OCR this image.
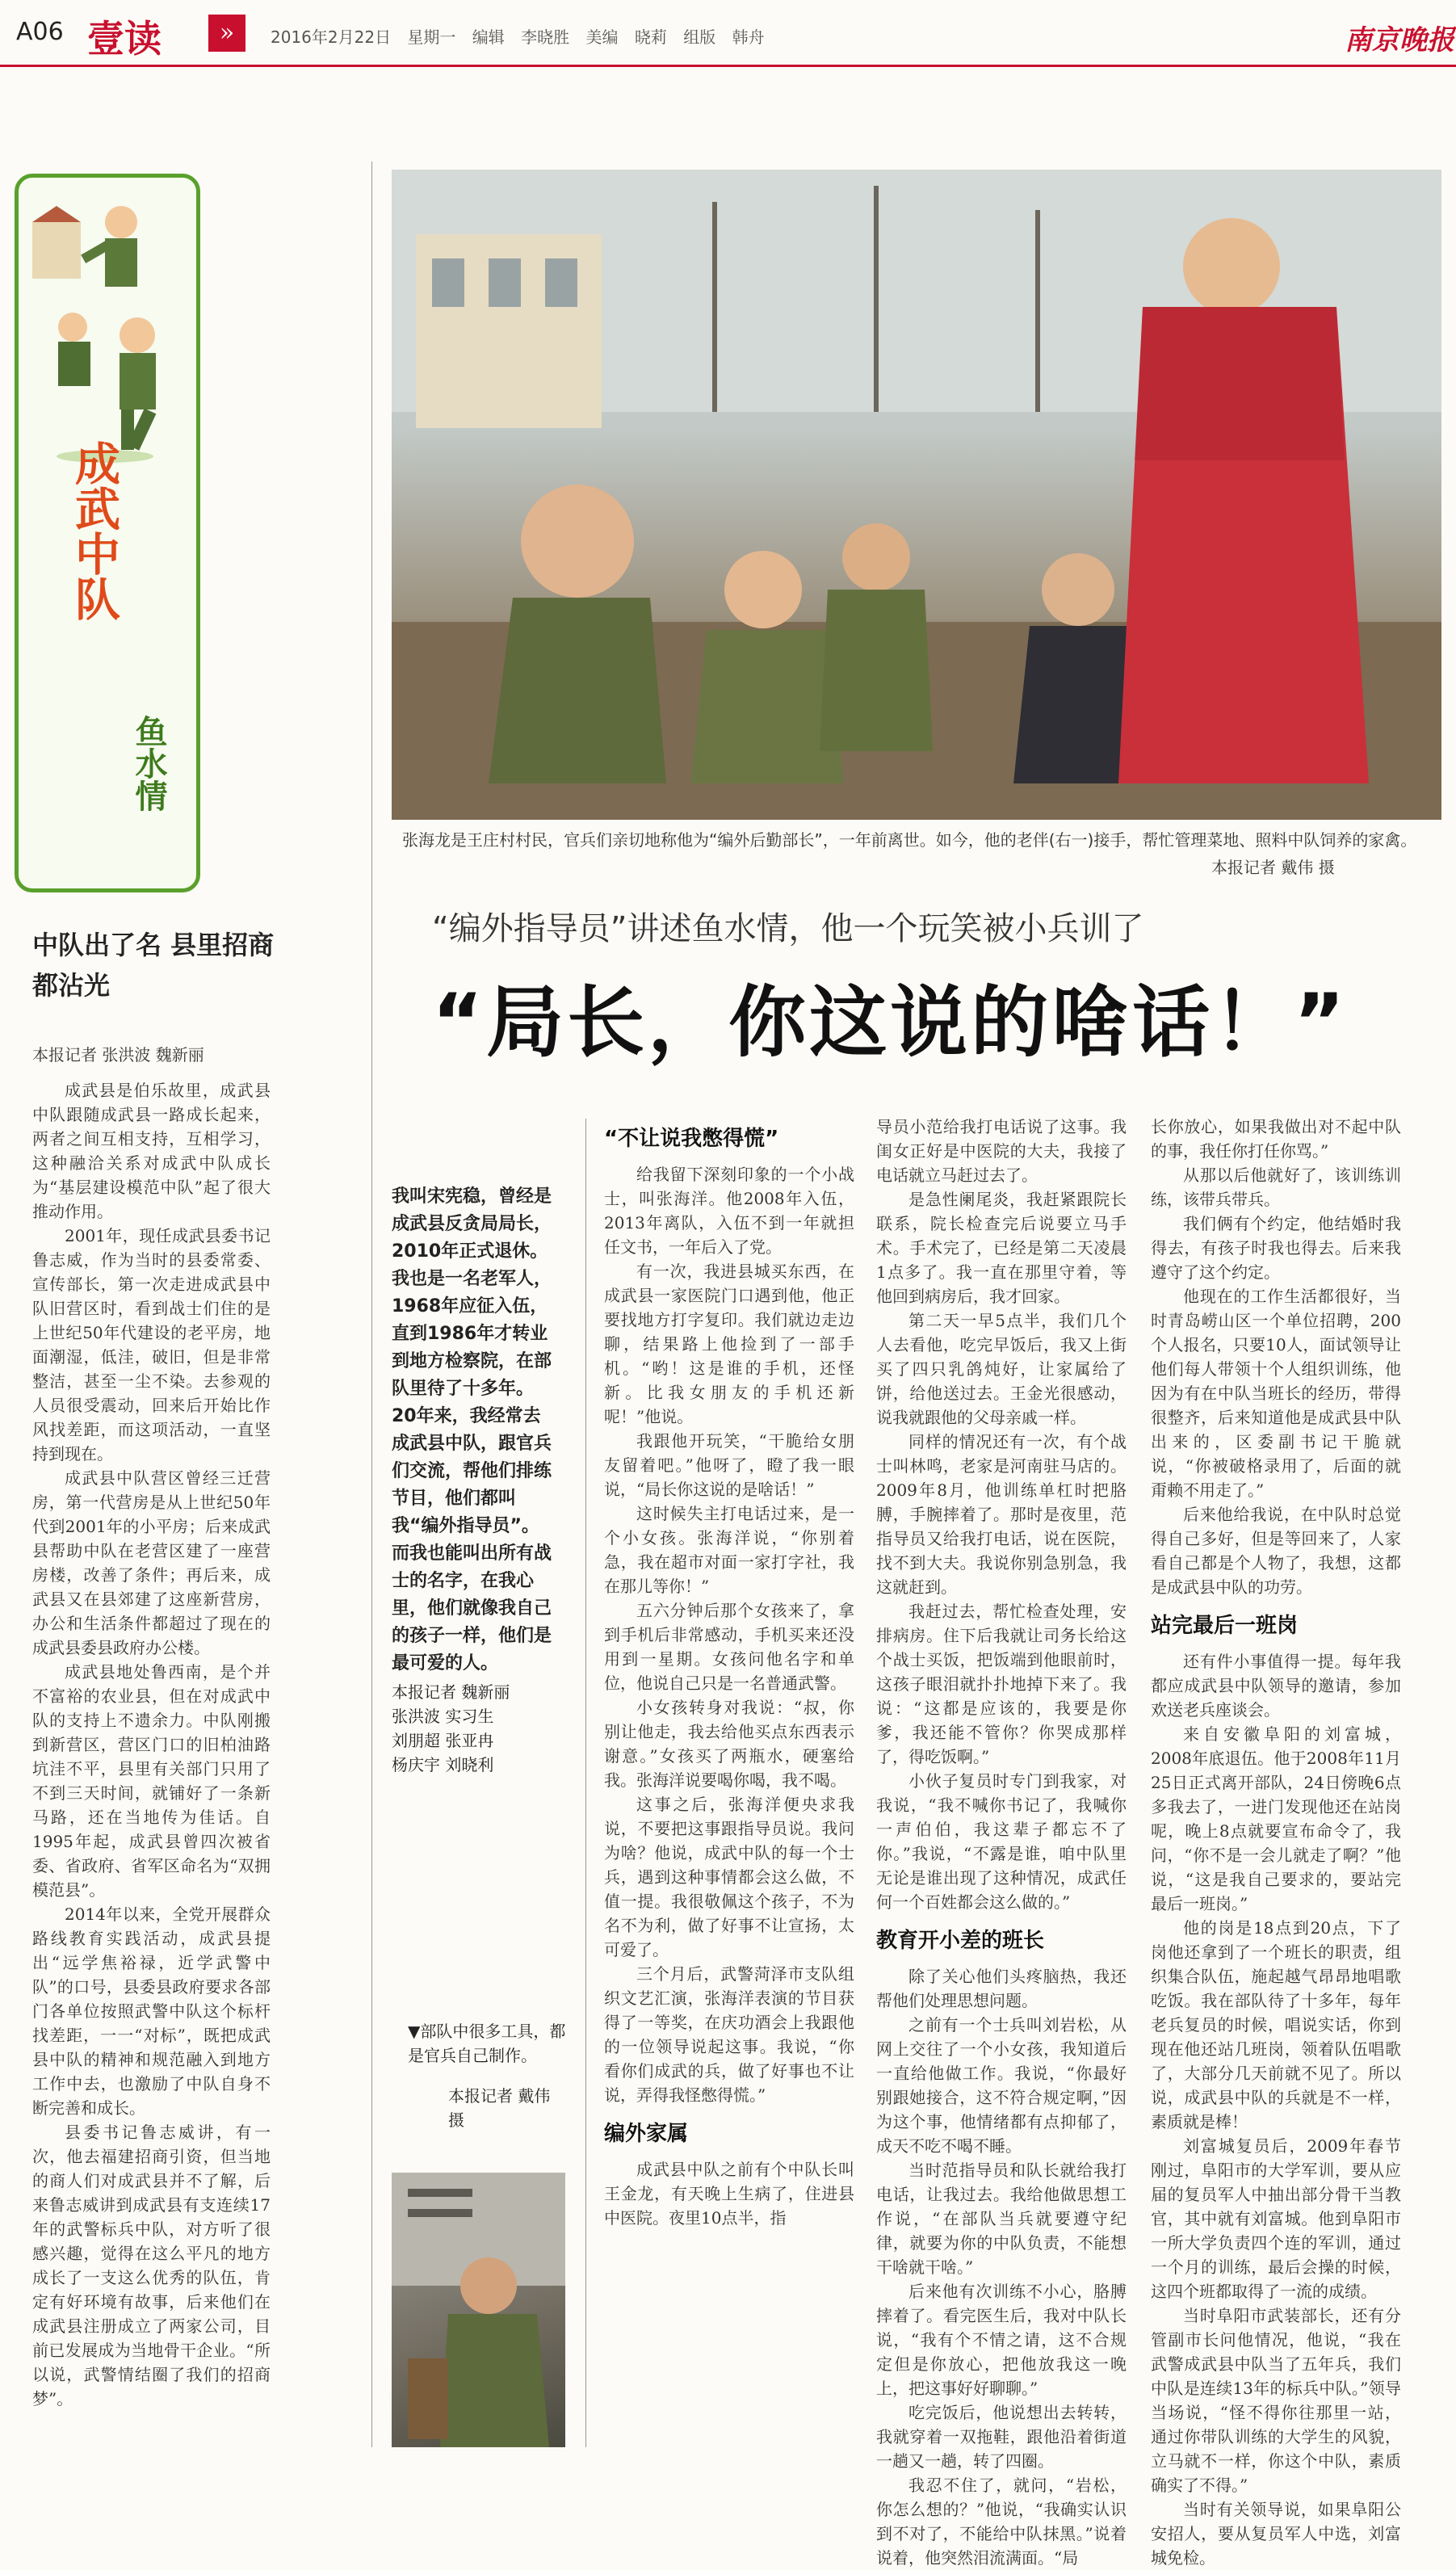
A06 壹读	»	2016年2月22日 星期一 编辑 李晓胜 美编 晓莉 组版 韩舟	南京晚报
成武中队
鱼水情
中队出了名 县里招商都沾光
本报记者 张洪波 魏新丽

成武县是伯乐故里，成武县中队跟随成武县一路成长起来，两者之间互相支持，互相学习，这种融洽关系对成武中队成长为“基层建设模范中队”起了很大推动作用。

2001年，现任成武县委书记鲁志威，作为当时的县委常委、宣传部长，第一次走进成武县中队旧营区时，看到战士们住的是上世纪50年代建设的老平房，地面潮湿，低洼，破旧，但是非常整洁，甚至一尘不染。去参观的人员很受震动，回来后开始比作风找差距，而这项活动，一直坚持到现在。

成武县中队营区曾经三迁营房，第一代营房是从上世纪50年代到2001年的小平房；后来成武县帮助中队在老营区建了一座营房楼，改善了条件；再后来，成武县又在县郊建了这座新营房，办公和生活条件都超过了现在的成武县委县政府办公楼。

成武县地处鲁西南，是个并不富裕的农业县，但在对成武中队的支持上不遗余力。中队刚搬到新营区，营区门口的旧柏油路坑洼不平，县里有关部门只用了不到三天时间，就铺好了一条新马路，还在当地传为佳话。自1995年起，成武县曾四次被省委、省政府、省军区命名为“双拥模范县”。

2014年以来，全党开展群众路线教育实践活动，成武县提出“远学焦裕禄，近学武警中队”的口号，县委县政府要求各部门各单位按照武警中队这个标杆找差距，一一“对标”，既把成武县中队的精神和规范融入到地方工作中去，也激励了中队自身不断完善和成长。

县委书记鲁志威讲，有一次，他去福建招商引资，但当地的商人们对成武县并不了解，后来鲁志威讲到成武县有支连续17年的武警标兵中队，对方听了很感兴趣，觉得在这么平凡的地方成长了一支这么优秀的队伍，肯定有好环境有故事，后来他们在成武县注册成立了两家公司，目前已发展成为当地骨干企业。“所以说，武警情结圈了我们的招商梦”。

张海龙是王庄村村民，官兵们亲切地称他为“编外后勤部长”，一年前离世。如今，他的老伴(右一)接手，帮忙管理菜地、照料中队饲养的家禽。
本报记者 戴伟 摄
“编外指导员”讲述鱼水情，他一个玩笑被小兵训了
“局长，你这说的啥话！”
我叫宋宪稳，曾经是成武县反贪局局长，2010年正式退休。我也是一名老军人，1968年应征入伍，直到1986年才转业到地方检察院，在部队里待了十多年。20年来，我经常去成武县中队，跟官兵们交流，帮他们排练节目，他们都叫我“编外指导员”。而我也能叫出所有战士的名字，在我心里，他们就像我自己的孩子一样，他们是最可爱的人。
本报记者 魏新丽
张洪波 实习生
刘朋超 张亚冉
杨庆宇 刘晓利
▼部队中很多工具，都是官兵自己制作。
本报记者 戴伟 摄
“不让说我憋得慌”

给我留下深刻印象的一个小战士，叫张海洋。他2008年入伍，2013年离队，入伍不到一年就担任文书，一年后入了党。

有一次，我进县城买东西，在成武县一家医院门口遇到他，他正要找地方打字复印。我们就边走边聊，结果路上他捡到了一部手机。“哟！这是谁的手机，还怪新。比我女朋友的手机还新呢！”他说。

我跟他开玩笑，“干脆给女朋友留着吧。”他呀了，瞪了我一眼说，“局长你这说的是啥话！”

这时候失主打电话过来，是一个小女孩。张海洋说，“你别着急，我在超市对面一家打字社，我在那儿等你！”

五六分钟后那个女孩来了，拿到手机后非常感动，手机买来还没用到一星期。女孩问他名字和单位，他说自己只是一名普通武警。

小女孩转身对我说：“叔，你别让他走，我去给他买点东西表示谢意。”女孩买了两瓶水，硬塞给我。张海洋说要喝你喝，我不喝。

这事之后，张海洋便央求我说，不要把这事跟指导员说。我问为啥？他说，成武中队的每一个士兵，遇到这种事情都会这么做，不值一提。我很敬佩这个孩子，不为名不为利，做了好事不让宣扬，太可爱了。

三个月后，武警菏泽市支队组织文艺汇演，张海洋表演的节目获得了一等奖，在庆功酒会上我跟他的一位领导说起这事。我说，“你看你们成武的兵，做了好事也不让说，弄得我怪憋得慌。”

编外家属

成武县中队之前有个中队长叫王金龙，有天晚上生病了，住进县中医院。夜里10点半，指

导员小范给我打电话说了这事。我闺女正好是中医院的大夫，我接了电话就立马赶过去了。

是急性阑尾炎，我赶紧跟院长联系，院长检查完后说要立马手术。手术完了，已经是第二天凌晨1点多了。我一直在那里守着，等他回到病房后，我才回家。

第二天一早5点半，我们几个人去看他，吃完早饭后，我又上街买了四只乳鸽炖好，让家属给了饼，给他送过去。王金光很感动，说我就跟他的父母亲戚一样。

同样的情况还有一次，有个战士叫林鸣，老家是河南驻马店的。2009年8月，他训练单杠时把胳膊，手腕摔着了。那时是夜里，范指导员又给我打电话，说在医院，找不到大夫。我说你别急别急，我这就赶到。

我赶过去，帮忙检查处理，安排病房。住下后我就让司务长给这个战士买饭，把饭端到他眼前时，这孩子眼泪就扑扑地掉下来了。我说：“这都是应该的，我要是你爹，我还能不管你？你哭成那样了，得吃饭啊。”

小伙子复员时专门到我家，对我说，“我不喊你书记了，我喊你一声伯伯，我这辈子都忘不了你。”我说，“不露是谁，咱中队里无论是谁出现了这种情况，成武任何一个百姓都会这么做的。”

教育开小差的班长

除了关心他们头疼脑热，我还帮他们处理思想问题。

之前有一个士兵叫刘岩松，从网上交往了一个小女孩，我知道后一直给他做工作。我说，“你最好别跟她接合，这不符合规定啊，”因为这个事，他情绪都有点抑郁了，成天不吃不喝不睡。

当时范指导员和队长就给我打电话，让我过去。我给他做思想工作说，“在部队当兵就要遵守纪律，就要为你的中队负责，不能想干啥就干啥。”

后来他有次训练不小心，胳膊摔着了。看完医生后，我对中队长说，“我有个不情之请，这不合规定但是你放心，把他放我这一晚上，把这事好好聊聊。”

吃完饭后，他说想出去转转，我就穿着一双拖鞋，跟他沿着街道一趟又一趟，转了四圈。

我忍不住了，就问，“岩松，你怎么想的？”他说，“我确实认识到不对了，不能给中队抹黑。”说着说着，他突然泪流满面。“局

长你放心，如果我做出对不起中队的事，我任你打任你骂。”

从那以后他就好了，该训练训练，该带兵带兵。

我们俩有个约定，他结婚时我得去，有孩子时我也得去。后来我遵守了这个约定。

他现在的工作生活都很好，当时青岛崂山区一个单位招聘，200个人报名，只要10人，面试领导让他们每人带领十个人组织训练，他因为有在中队当班长的经历，带得很整齐，后来知道他是成武县中队出来的，区委副书记干脆就说，“你被破格录用了，后面的就甭赖不用走了。”

后来他给我说，在中队时总觉得自己多好，但是等回来了，人家看自己都是个人物了，我想，这都是成武县中队的功劳。

站完最后一班岗

还有件小事值得一提。每年我都应成武县中队领导的邀请，参加欢送老兵座谈会。

来自安徽阜阳的刘富城，2008年底退伍。他于2008年11月25日正式离开部队，24日傍晚6点多我去了，一进门发现他还在站岗呢，晚上8点就要宣布命令了，我问，“你不是一会儿就走了啊？”他说，“这是我自己要求的，要站完最后一班岗。”

他的岗是18点到20点，下了岗他还拿到了一个班长的职责，组织集合队伍，施起越气昂昂地唱歌吃饭。我在部队待了十多年，每年老兵复员的时候，唱说实话，你到现在他还站几班岗，领着队伍唱歌了，大部分几天前就不见了。所以说，成武县中队的兵就是不一样，素质就是棒！

刘富城复员后，2009年春节刚过，阜阳市的大学军训，要从应届的复员军人中抽出部分骨干当教官，其中就有刘富城。他到阜阳市一所大学负责四个连的军训，通过一个月的训练，最后会操的时候，这四个班都取得了一流的成绩。

当时阜阳市武装部长，还有分管副市长问他情况，他说，“我在武警成武县中队当了五年兵，我们中队是连续13年的标兵中队。”领导当场说，“怪不得你往那里一站，通过你带队训练的大学生的风貌，立马就不一样，你这个中队，素质确实了不得。”

当时有关领导说，如果阜阳公安招人，要从复员军人中选，刘富城免检。
